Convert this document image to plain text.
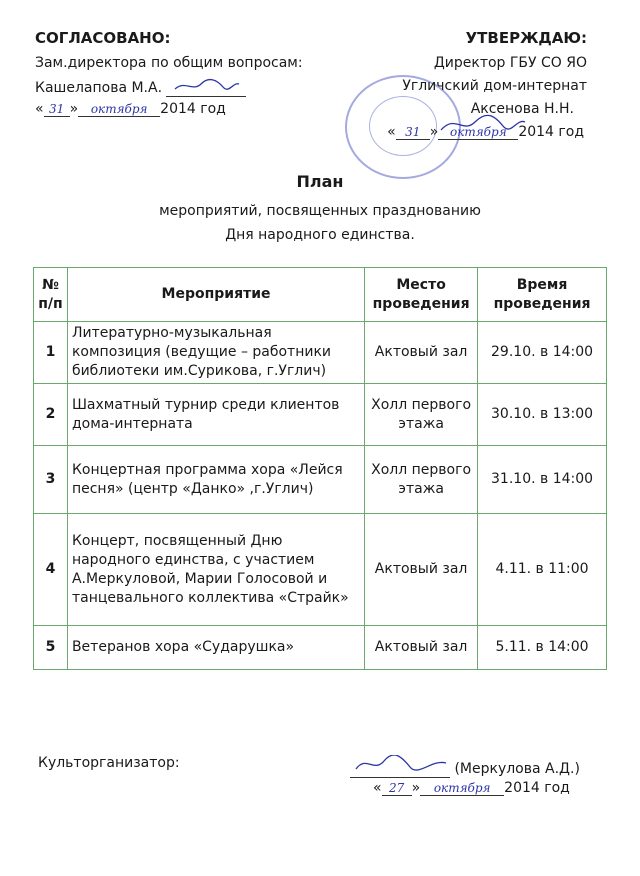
СОГЛАСОВАНО:
Зам.директора по общим вопросам:
Кашелапова М.А.
« 31 » октября 2014 год
УТВЕРЖДАЮ:
Директор ГБУ СО ЯО
Угличский дом-интернат
Аксенова Н.Н.
« 31 » октября 2014 год
План
мероприятий, посвященных празднованию
Дня народного единства.
№ п/п	Мероприятие	Место проведения	Время проведения
1	Литературно-музыкальная композиция (ведущие – работники библиотеки им.Сурикова, г.Углич)	Актовый зал	29.10. в 14:00
2	Шахматный турнир среди клиентов дома-интерната	Холл первого этажа	30.10. в 13:00
3	Концертная программа хора «Лейся песня» (центр «Данко» ,г.Углич)	Холл первого этажа	31.10. в 14:00
4	Концерт, посвященный Дню народного единства, с участием А.Меркуловой, Марии Голосовой и танцевального коллектива «Страйк»	Актовый зал	4.11. в 11:00
5	Ветеранов хора «Сударушка»	Актовый зал	5.11. в 14:00
Культорганизатор:	(Меркулова А.Д.)
« 27 » октября 2014 год
